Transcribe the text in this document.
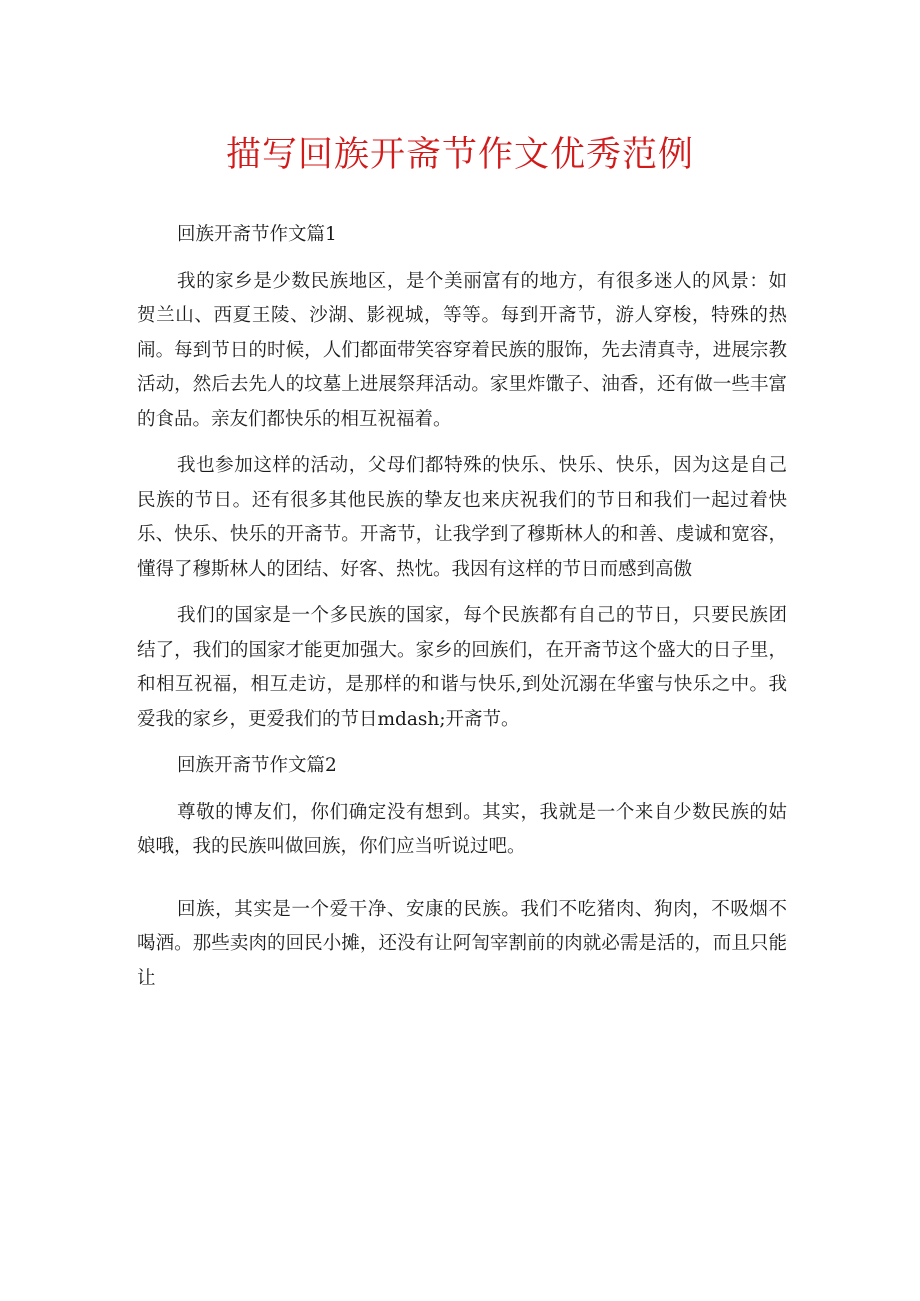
描写回族开斋节作文优秀范例

回族开斋节作文篇1

我的家乡是少数民族地区，是个美丽富有的地方，有很多迷人的风景：如贺兰山、西夏王陵、沙湖、影视城，等等。每到开斋节，游人穿梭，特殊的热闹。每到节日的时候，人们都面带笑容穿着民族的服饰，先去清真寺，进展宗教活动，然后去先人的坟墓上进展祭拜活动。家里炸馓子、油香，还有做一些丰富的食品。亲友们都快乐的相互祝福着。

我也参加这样的活动，父母们都特殊的快乐、快乐、快乐，因为这是自己民族的节日。还有很多其他民族的挚友也来庆祝我们的节日和我们一起过着快乐、快乐、快乐的开斋节。开斋节，让我学到了穆斯林人的和善、虔诚和宽容，懂得了穆斯林人的团结、好客、热忱。我因有这样的节日而感到高傲

我们的国家是一个多民族的国家，每个民族都有自己的节日，只要民族团结了，我们的国家才能更加强大。家乡的回族们，在开斋节这个盛大的日子里，和相互祝福，相互走访，是那样的和谐与快乐,到处沉溺在华蜜与快乐之中。我爱我的家乡，更爱我们的节日mdash;开斋节。

回族开斋节作文篇2

尊敬的博友们，你们确定没有想到。其实，我就是一个来自少数民族的姑娘哦，我的民族叫做回族，你们应当听说过吧。

回族，其实是一个爱干净、安康的民族。我们不吃猪肉、狗肉，不吸烟不喝酒。那些卖肉的回民小摊，还没有让阿訇宰割前的肉就必需是活的，而且只能让
